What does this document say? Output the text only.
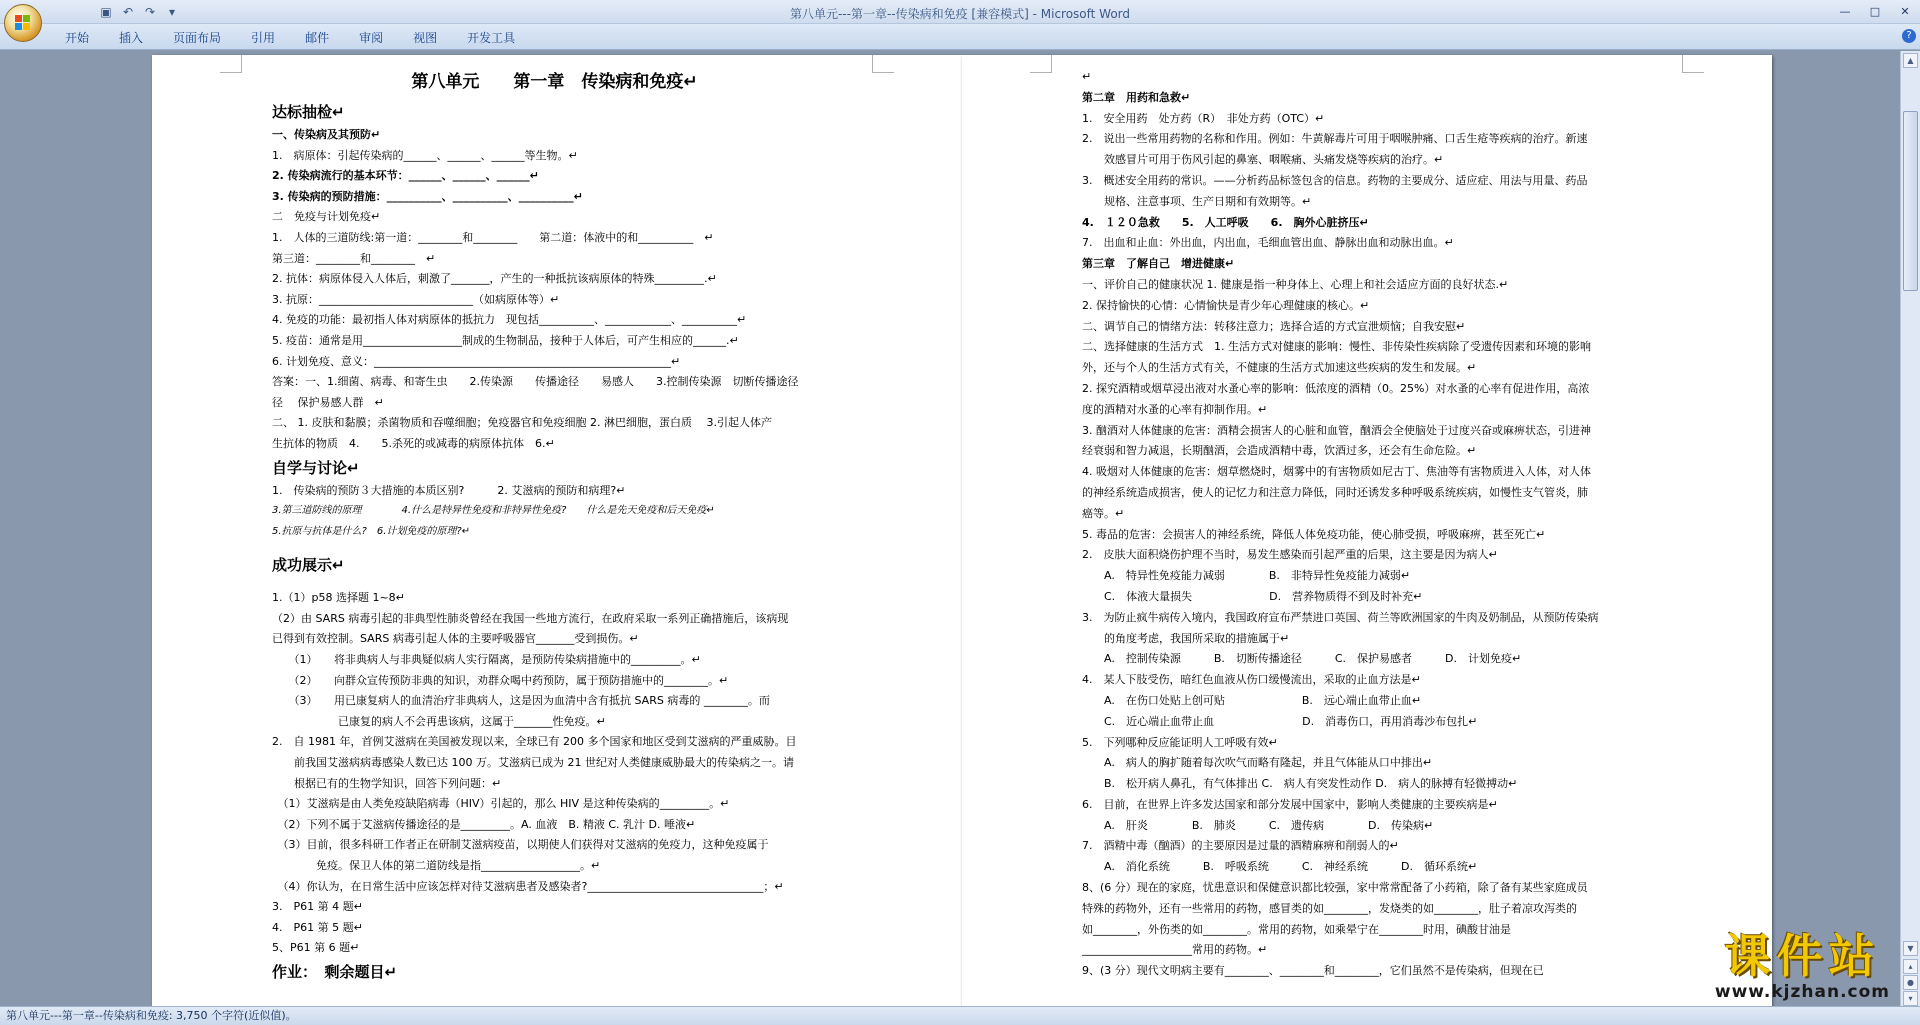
▣ ↶ ↷	▾	第八单元---第一章--传染病和免疫 [兼容模式] - Microsoft Word	—	□	✕
开始	插入	页面布局	引用	邮件	审阅	视图	开发工具	?
第八单元　　第一章　传染病和免疫↵
达标抽检↵
一、传染病及其预防↵
1.　病原体：引起传染病的______、______、______等生物。↵
2. 传染病流行的基本环节：______、______、______↵
3. 传染病的预防措施：__________、__________、__________↵
二　免疫与计划免疫↵
1.　人体的三道防线:第一道：________和________　　第二道：体液中的和__________　↵
第三道：________和________　↵
2. 抗体：病原体侵入人体后，刺激了_______，产生的一种抵抗该病原体的特殊_________.↵
3. 抗原：____________________________（如病原体等）↵
4. 免疫的功能：最初指人体对病原体的抵抗力　现包括__________、____________、__________↵
5. 疫苗：通常是用__________________制成的生物制品，接种于人体后，可产生相应的______.↵
6. 计划免疫、意义：______________________________________________________↵
答案：一、1.细菌、病毒、和寄生虫　　2.传染源　　传播途径　　易感人　　3.控制传染源　切断传播途径
径　 保护易感人群　↵
二、 1. 皮肤和黏膜；杀菌物质和吞噬细胞；免疫器官和免疫细胞 2. 淋巴细胞，蛋白质　 3.引起人体产
生抗体的物质　4.　　5.杀死的或减毒的病原体抗体　6.↵
自学与讨论↵
1.　传染病的预防３大措施的本质区别?　　　2. 艾滋病的预防和病理?↵
3.第三道防线的原理　　　　4.什么是特异性免疫和非特异性免疫?　　什么是先天免疫和后天免疫↵
5.抗原与抗体是什么?　6.计划免疫的原理?↵
成功展示↵
1.（1）p58 选择题 1~8↵
（2）由 SARS 病毒引起的非典型性肺炎曾经在我国一些地方流行，在政府采取一系列正确措施后，该病现
已得到有效控制。SARS 病毒引起人体的主要呼吸器官_______受到损伤。↵
　　（1）　　将非典病人与非典疑似病人实行隔离，是预防传染病措施中的_________。↵
　　（2）　　向群众宣传预防非典的知识，劝群众喝中药预防，属于预防措施中的________。↵
　　（3）　　用已康复病人的血清治疗非典病人，这是因为血清中含有抵抗 SARS 病毒的 ________。而
　　　　　　已康复的病人不会再患该病，这属于_______性免疫。↵
2.　自 1981 年，首例艾滋病在美国被发现以来，全球已有 200 多个国家和地区受到艾滋病的严重威胁。目
　　前我国艾滋病病毒感染人数已达 100 万。艾滋病已成为 21 世纪对人类健康威胁最大的传染病之一。请
　　根据已有的生物学知识，回答下列问题：↵
　（1）艾滋病是由人类免疫缺陷病毒（HIV）引起的，那么 HIV 是这种传染病的_________。↵
　（2）下列不属于艾滋病传播途径的是_________。A. 血液　B. 精液 C. 乳汁 D. 唾液↵
　（3）目前，很多科研工作者正在研制艾滋病疫苗，以期使人们获得对艾滋病的免疫力，这种免疫属于
　　　　免疫。保卫人体的第二道防线是指__________________。↵
　（4）你认为，在日常生活中应该怎样对待艾滋病患者及感染者?________________________________；↵
3.　P61 第 4 题↵
4.　P61 第 5 题↵
5、P61 第 6 题↵
作业：　剩余题目↵
↵
第二章　用药和急救↵
1.　安全用药　处方药（R）　非处方药（OTC）↵
2.　说出一些常用药物的名称和作用。例如：牛黄解毒片可用于咽喉肿痛、口舌生疮等疾病的治疗。新速
　　效感冒片可用于伤风引起的鼻塞、咽喉痛、头痛发烧等疾病的治疗。↵
3.　概述安全用药的常识。——分析药品标签包含的信息。药物的主要成分、适应症、用法与用量、药品
　　规格、注意事项、生产日期和有效期等。↵
4.　１２０急救　　5.　人工呼吸　　6.　胸外心脏挤压↵
7.　出血和止血：外出血，内出血，毛细血管出血、静脉出血和动脉出血。↵
第三章　了解自己　增进健康↵
一、评价自己的健康状况 1. 健康是指一种身体上、心理上和社会适应方面的良好状态.↵
2. 保持愉快的心情：心情愉快是青少年心理健康的核心。↵
二、调节自己的情绪方法：转移注意力；选择合适的方式宣泄烦恼；自我安慰↵
二、选择健康的生活方式　1. 生活方式对健康的影响：慢性、非传染性疾病除了受遗传因素和环境的影响
外，还与个人的生活方式有关，不健康的生活方式加速这些疾病的发生和发展。↵
2. 探究酒精或烟草浸出液对水蚤心率的影响：低浓度的酒精（0。25%）对水蚤的心率有促进作用，高浓
度的酒精对水蚤的心率有抑制作用。↵
3. 酗酒对人体健康的危害：酒精会损害人的心脏和血管，酗酒会全使脑处于过度兴奋或麻痹状态，引进神
经衰弱和智力减退，长期酗酒，会造成酒精中毒，饮酒过多，还会有生命危险。↵
4. 吸烟对人体健康的危害：烟草燃烧时，烟雾中的有害物质如尼古丁、焦油等有害物质进入人体，对人体
的神经系统造成损害，使人的记忆力和注意力降低，同时还诱发多种呼吸系统疾病，如慢性支气管炎，肺
癌等。↵
5. 毒品的危害：会损害人的神经系统，降低人体免疫功能，使心肺受损，呼吸麻痹，甚至死亡↵
2.　皮肤大面积烧伤护理不当时，易发生感染而引起严重的后果，这主要是因为病人↵
　　A.　特异性免疫能力减弱　　　　B.　非特异性免疫能力减弱↵
　　C.　体液大量损失　　　　　　　D.　营养物质得不到及时补充↵
3.　为防止疯牛病传入境内，我国政府宣布严禁进口英国、荷兰等欧洲国家的牛肉及奶制品，从预防传染病
　　的角度考虑，我国所采取的措施属于↵
　　A.　控制传染源　　　B.　切断传播途径　　　C.　保护易感者　　　D.　计划免疫↵
4.　某人下肢受伤，暗红色血液从伤口缓慢流出，采取的止血方法是↵
　　A.　在伤口处贴上创可贴　　　　　　　B.　远心端止血带止血↵
　　C.　近心端止血带止血　　　　　　　　D.　消毒伤口，再用消毒沙布包扎↵
5.　下列哪种反应能证明人工呼吸有效↵
　　A.　病人的胸扩随着每次吹气而略有隆起，并且气体能从口中排出↵
　　B.　松开病人鼻孔，有气体排出 C.　病人有突发性动作 D.　病人的脉搏有轻微搏动↵
6.　目前，在世界上许多发达国家和部分发展中国家中，影响人类健康的主要疾病是↵
　　A.　肝炎　　　　B.　肺炎　　　C.　遗传病　　　　D.　传染病↵
7.　酒精中毒（酗酒）的主要原因是过量的酒精麻痹和削弱人的↵
　　A.　消化系统　　　B.　呼吸系统　　　C.　神经系统　　　D.　循环系统↵
8、(6 分）现在的家庭，忧患意识和保健意识都比较强，家中常常配备了小药箱，除了备有某些家庭成员
特殊的药物外，还有一些常用的药物，感冒类的如________，发烧类的如________，肚子着凉攻泻类的
如________，外伤类的如________。常用的药物，如乘晕宁在________时用，碘酸甘油是
____________________常用的药物。↵
9、(3 分）现代文明病主要有________、________和________，它们虽然不是传染病，但现在已
▲
▼
▴
●
▾
第八单元---第一章--传染病和免疫: 3,750 个字符(近似值)。
课件站
www.kjzhan.com
